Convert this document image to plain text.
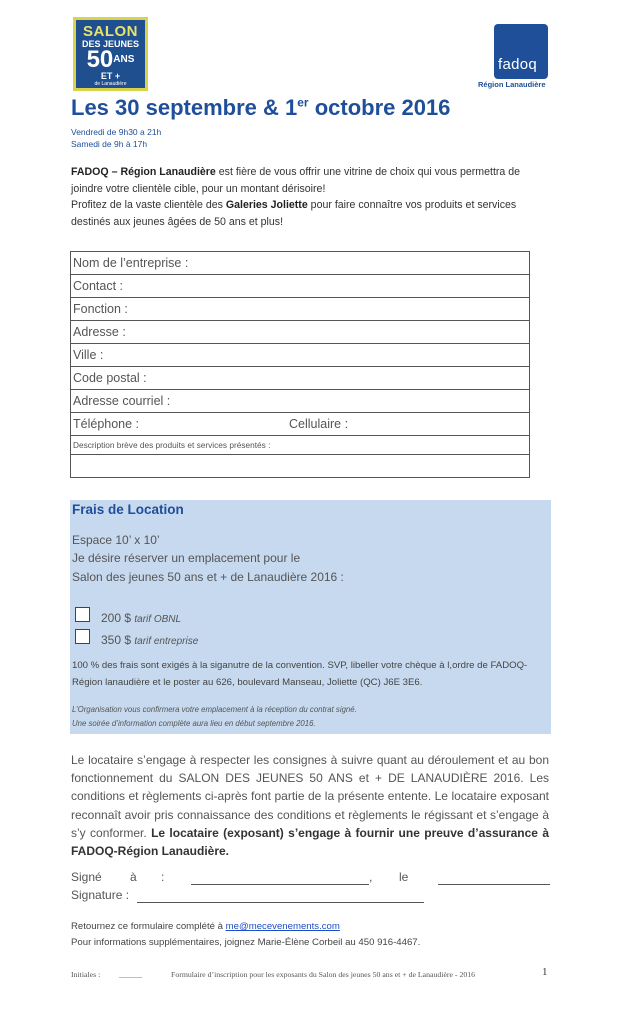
SALON
DES JEUNES
$50^{ANS}$
ET +
de Lanaudière
fadoq
Région Lanaudière
Les 30 septembre & 1er octobre 2016
Vendredi de 9h30 a 21h
Samedi de 9h à 17h
FADOQ – Région Lanaudière est fière de vous offrir une vitrine de choix qui vous permettra de joindre votre clientèle cible, pour un montant dérisoire!
Profitez de la vaste clientèle des Galeries Joliette pour faire connaître vos produits et services destinés aux jeunes âgées de 50 ans et plus!
Nom de l’entreprise :
Contact :
Fonction :
Adresse :
Ville :
Code postal :
Adresse courriel :
Téléphone :	Cellulaire :
Description brève des produits et services présentés :
Frais de Location
Espace 10’ x 10’
Je désire réserver un emplacement pour le
Salon des jeunes 50 ans et + de Lanaudière 2016 :
200 $ tarif OBNL
350 $ tarif entreprise
100 % des frais sont exigés à la siganutre de la convention. SVP, libeller votre chèque à l,ordre de FADOQ-Région lanaudière et le poster au 626, boulevard Manseau, Joliette (QC) J6E 3E6.
L’Organisation vous confirmera votre emplacement à la réception du contrat signé.
Une soirée d’information complète aura lieu en début septembre 2016.
Le locataire s’engage à respecter les consignes à suivre quant au déroulement et au bon fonctionnement du SALON DES JEUNES 50 ANS et + DE LANAUDIÈRE 2016. Les conditions et règlements ci-après font partie de la présente entente. Le locataire exposant reconnaît avoir pris connaissance des conditions et règlements le régissant et s’engage à s’y conformer. Le locataire (exposant) s’engage à fournir une preuve d’assurance à FADOQ-Région Lanaudière.
Signé à :	, le
Signature :
Retournez ce formulaire complété à me@mecevenements.com
Pour informations supplémentaires, joignez Marie-Élène Corbeil au 450 916-4467.
Initiales : ______	Formulaire d’inscription pour les exposants du Salon des jeunes 50 ans et + de Lanaudière - 2016	1
